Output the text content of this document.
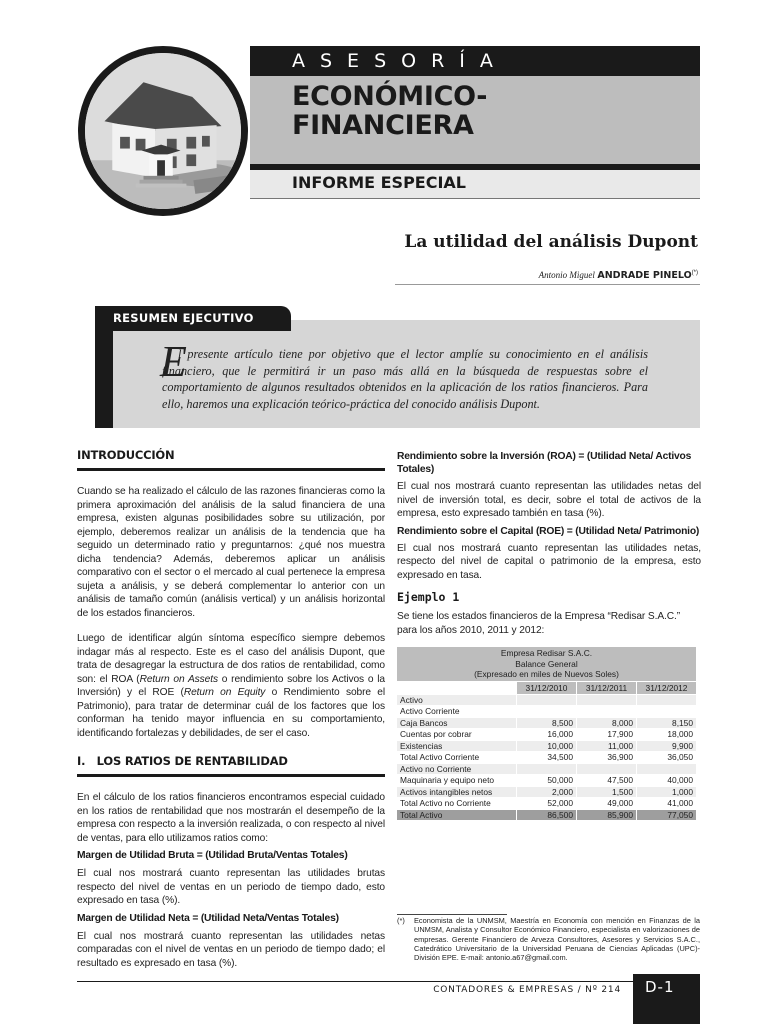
ASESORÍA
ECONÓMICO-
FINANCIERA
INFORME ESPECIAL
La utilidad del análisis Dupont
Antonio Miguel ANDRADE PINELO(*)
RESUMEN EJECUTIVO
E
l presente artículo tiene por objetivo que el lector amplíe su conocimiento en el análisis financiero, que le permitirá ir un paso más allá en la búsqueda de respuestas sobre el comportamiento de algunos resultados obtenidos en la aplicación de los ratios financieros. Para ello, haremos una explicación teórico-práctica del conocido análisis Dupont.
INTRODUCCIÓN

Cuando se ha realizado el cálculo de las razones financieras como la primera aproximación del análisis de la salud financiera de una empresa, existen algunas posibilidades sobre su utilización, por ejemplo, deberemos realizar un análisis de la tendencia que ha seguido un determinado ratio y preguntarnos: ¿qué nos muestra dicha tendencia? Además, deberemos aplicar un análisis comparativo con el sector o el mercado al cual pertenece la empresa sujeta a análisis, y se deberá complementar lo anterior con un análisis de tamaño común (análisis vertical) y un análisis horizontal de los estados financieros.

Luego de identificar algún síntoma específico siempre debemos indagar más al respecto. Este es el caso del análisis Dupont, que trata de desagregar la estructura de dos ratios de rentabilidad, como son: el ROA (Return on Assets o rendimiento sobre los Activos o la Inversión) y el ROE (Return on Equity o Rendimiento sobre el Patrimonio), para tratar de determinar cuál de los factores que los conforman ha tenido mayor influencia en su comportamiento, identificando fortalezas y debilidades, de ser el caso.

I.   LOS RATIOS DE RENTABILIDAD

En el cálculo de los ratios financieros encontramos especial cuidado en los ratios de rentabilidad que nos mostrarán el desempeño de la empresa con respecto a la inversión realizada, o con respecto al nivel de ventas, para ello utilizamos ratios como:

Margen de Utilidad Bruta = (Utilidad Bruta/Ventas Totales)

El cual nos mostrará cuanto representan las utilidades brutas respecto del nivel de ventas en un periodo de tiempo dado, esto expresado en tasa (%).

Margen de Utilidad Neta = (Utilidad Neta/Ventas Totales)

El cual nos mostrará cuanto representan las utilidades netas comparadas con el nivel de ventas en un periodo de tiempo dado; el resultado es expresado en tasa (%).

Rendimiento sobre la Inversión (ROA) = (Utilidad Neta/ Activos Totales)

El cual nos mostrará cuanto representan las utilidades netas del nivel de inversión total, es decir, sobre el total de activos de la empresa, esto expresado también en tasa (%).

Rendimiento sobre el Capital (ROE) = (Utilidad Neta/ Patrimonio)

El cual nos mostrará cuanto representan las utilidades netas, respecto del nivel de capital o patrimonio de la empresa, esto expresado en tasa.

Ejemplo 1

Se tiene los estados financieros de la Empresa “Redisar S.A.C.” para los años 2010, 2011 y 2012:

Empresa Redisar S.A.C.
Balance General
(Expresado en miles de Nuevos Soles)			

	31/12/2010	31/12/2011	31/12/2012
Activo			
Activo Corriente			
Caja Bancos	8,500	8,000	8,150
Cuentas por cobrar	16,000	17,900	18,000
Existencias	10,000	11,000	9,900
Total Activo Corriente	34,500	36,900	36,050
Activo no Corriente			
Maquinaria y equipo neto	50,000	47,500	40,000
Activos intangibles netos	2,000	1,500	1,000
Total Activo no Corriente	52,000	49,000	41,000
Total Activo	86,500	85,900	77,050
(*)	Economista de la UNMSM, Maestría en Economía con mención en Finanzas de la UNMSM, Analista y Consultor Económico Financiero, especialista en valorizaciones de empresas. Gerente Financiero de Arveza Consultores, Asesores y Servicios S.A.C., Catedrático Universitario de la Universidad Peruana de Ciencias Aplicadas (UPC)-División EPE. E-mail: antonio.a67@gmail.com.
CONTADORES & EMPRESAS / Nº 214 D-1
